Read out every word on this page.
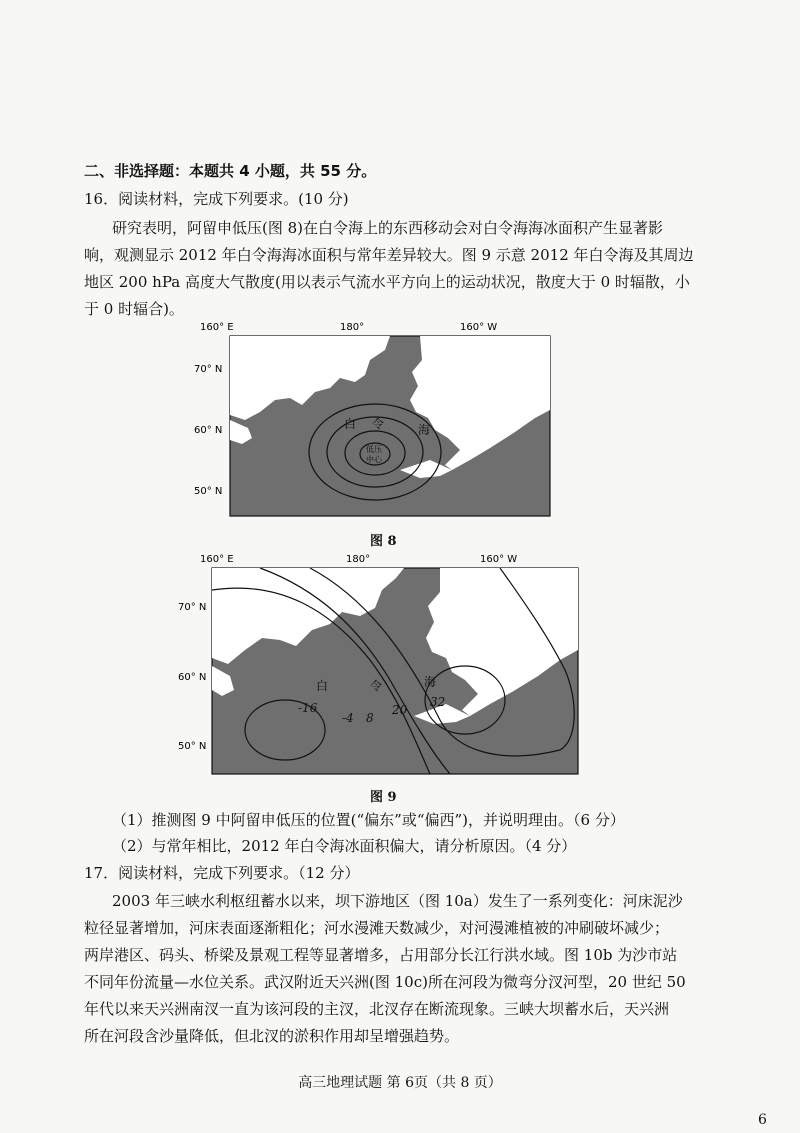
二、非选择题：本题共 4 小题，共 55 分。
16．阅读材料，完成下列要求。(10 分)
研究表明，阿留申低压(图 8)在白令海上的东西移动会对白令海海冰面积产生显著影
响，观测显示 2012 年白令海海冰面积与常年差异较大。图 9 示意 2012 年白令海及其周边
地区 200 hPa 高度大气散度(用以表示气流水平方向上的运动状况，散度大于 0 时辐散，小
于 0 时辐合)。
160° E	180°	160° W
70° N
60° N
50° N
白 令	海
低压
中心
图 8
160° E	180°	160° W
70° N
60° N
50° N
白	令	海
-16
-4 8
20
32
图 9
（1）推测图 9 中阿留申低压的位置(“偏东”或“偏西”)，并说明理由。（6 分）
（2）与常年相比，2012 年白令海冰面积偏大，请分析原因。（4 分）
17．阅读材料，完成下列要求。（12 分）
2003 年三峡水利枢纽蓄水以来，坝下游地区（图 10a）发生了一系列变化：河床泥沙
粒径显著增加，河床表面逐渐粗化；河水漫滩天数减少，对河漫滩植被的冲刷破坏减少；
两岸港区、码头、桥梁及景观工程等显著增多，占用部分长江行洪水域。图 10b 为沙市站
不同年份流量—水位关系。武汉附近天兴洲(图 10c)所在河段为微弯分汊河型，20 世纪 50
年代以来天兴洲南汊一直为该河段的主汊，北汊存在断流现象。三峡大坝蓄水后，天兴洲
所在河段含沙量降低，但北汊的淤积作用却呈增强趋势。
高三地理试题 第 6页（共 8 页）
6
